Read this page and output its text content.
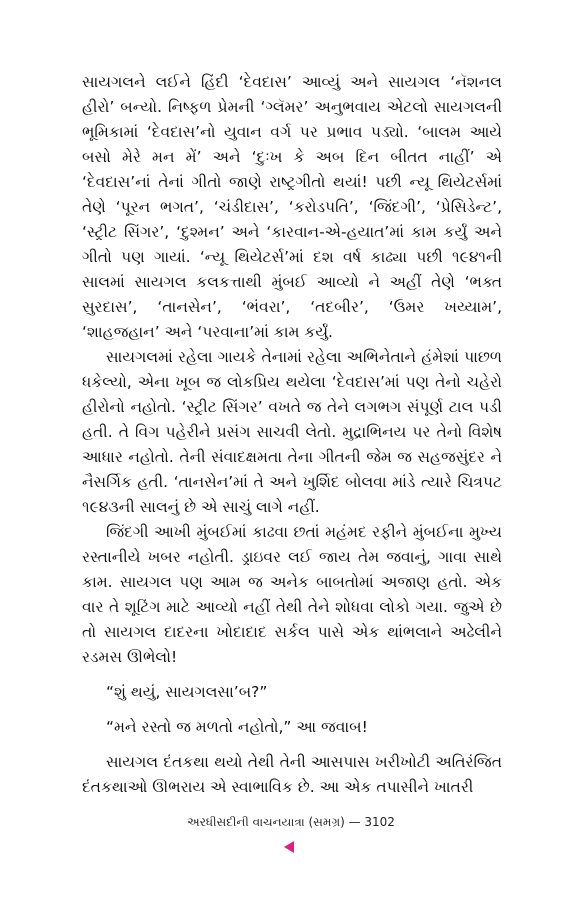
સાયગલને લઈને હિંદી ‘દેવદાસ’ આવ્યું અને સાયગલ ‘નૅશનલ હીરો’ બન્યો. નિષ્ફળ પ્રેમની ‘ગ્લૅમર’ અનુભવાય એટલો સાયગલની ભૂમિકામાં ‘દેવદાસ’નો યુવાન વર્ગ પર પ્રભાવ પડ્યો. ‘બાલમ આયે બસો મેરે મન મેં’ અને ‘દુઃખ કે અબ દિન બીતત નાહીં’ એ ‘દેવદાસ’નાં તેનાં ગીતો જાણે રાષ્ટ્રગીતો થયાં! પછી ન્યૂ થિયેટર્સમાં તેણે ‘પૂરન ભગત’, ‘ચંડીદાસ’, ‘કરોડપતિ’, ‘જિંદગી’, ‘પ્રેસિડેન્ટ’, ‘સ્ટ્રીટ સિંગર’, ‘દુશ્મન’ અને ‘કારવાન-એ-હયાત’માં કામ કર્યું અને ગીતો પણ ગાયાં. ‘ન્યૂ થિયેટર્સ’માં દશ વર્ષ કાઢ્યા પછી ૧૯૪૧ની સાલમાં સાયગલ કલકત્તાથી મુંબઈ આવ્યો ને અહીં તેણે ‘ભક્ત સુરદાસ’, ‘તાનસેન’, ‘ભંવરા’, ‘તદબીર’, ‘ઉમર ખય્યામ’, ‘શાહજહાન’ અને ‘પરવાના’માં કામ કર્યું.

સાયગલમાં રહેલા ગાયકે તેનામાં રહેલા અભિનેતાને હંમેશાં પાછળ ધકેલ્યો, એના ખૂબ જ લોકપ્રિય થયેલા ‘દેવદાસ’માં પણ તેનો ચહેરો હીરોનો નહોતો. ‘સ્ટ્રીટ સિંગર’ વખતે જ તેને લગભગ સંપૂર્ણ ટાલ પડી હતી. તે વિગ પહેરીને પ્રસંગ સાચવી લેતો. મુદ્રાભિનય પર તેનો વિશેષ આધાર નહોતો. તેની સંવાદક્ષમતા તેના ગીતની જેમ જ સહજસુંદર ને નૈસર્ગિક હતી. ‘તાનસેન’માં તે અને ખુર્શિદ બોલવા માંડે ત્યારે ચિત્રપટ ૧૯૪૩ની સાલનું છે એ સાચું લાગે નહીં.

જિંદગી આખી મુંબઈમાં કાઢવા છતાં મહંમદ રફીને મુંબઈના મુખ્ય રસ્તાનીયે ખબર નહોતી. ડ્રાઇવર લઈ જાય તેમ જવાનું, ગાવા સાથે કામ. સાયગલ પણ આમ જ અનેક બાબતોમાં અજાણ હતો. એક વાર તે શૂટિંગ માટે આવ્યો નહીં તેથી તેને શોધવા લોકો ગયા. જુએ છે તો સાયગલ દાદરના ખોદાદાદ સર્કલ પાસે એક થાંભલાને અઢેલીને રડમસ ઊભેલો!

“શું થયું, સાયગલસા’બ?”

“મને રસ્તો જ મળતો નહોતો,” આ જવાબ!

સાયગલ દંતકથા થયો તેથી તેની આસપાસ ખરીખોટી અતિરંજિત દંતકથાઓ ઊભરાય એ સ્વાભાવિક છે. આ એક તપાસીને ખાતરી

અરધીસદીની વાચનયાત્રા (સમગ્ર) — 3102
